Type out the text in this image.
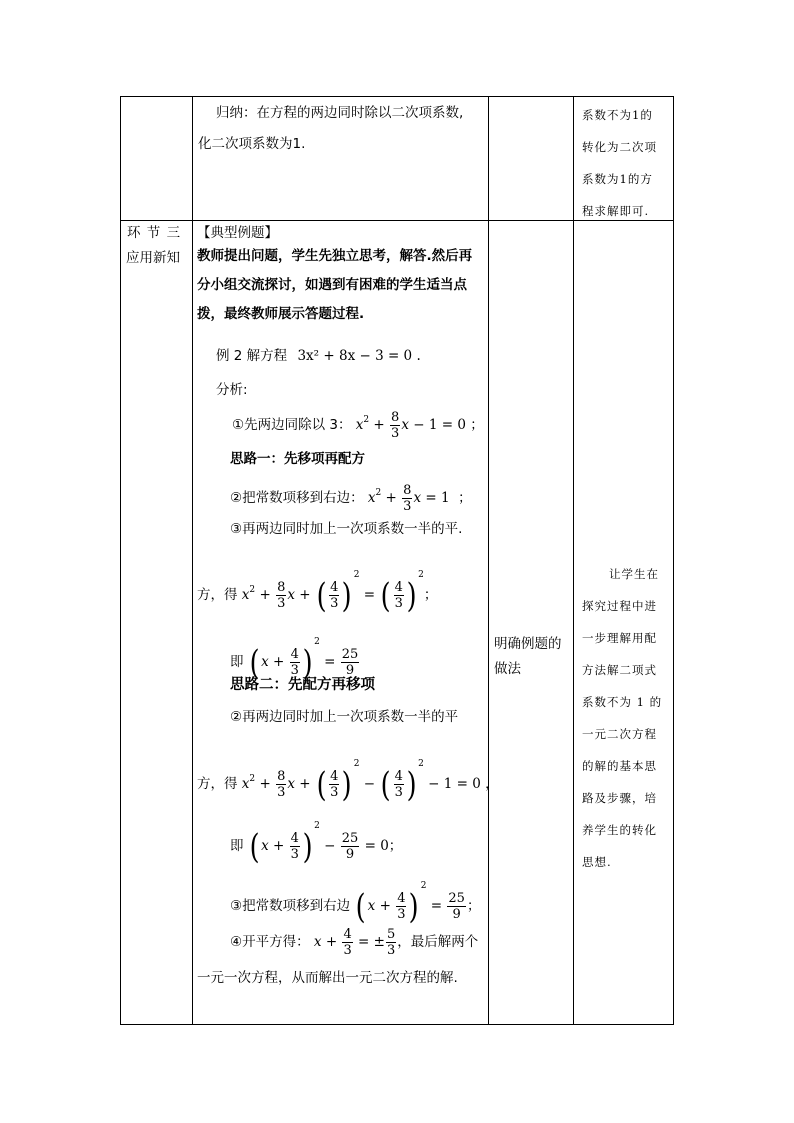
归纳：在方程的两边同时除以二次项系数,
化二次项系数为1.
系数不为1的
转化为二次项
系数为1的方
程求解即可.
环 节 三
应用新知
【典型例题】
教师提出问题，学生先独立思考，解答.然后再
分小组交流探讨，如遇到有困难的学生适当点
拨，最终教师展示答题过程.
例 2 解方程 3x² + 8x − 3 = 0 .
分析:
①先两边同除以 3： $x^2 + \frac{8}{3}$ x − 1 = 0 ；
思路一：先移项再配方
②把常数项移到右边： $x^2 + \frac{8}{3}$ x = 1  ；
③再两边同时加上一次项系数一半的平.
方，得 $x^2 + \frac{8}{3}$ x + ( $\frac{4}{3} )^2$ = ( $\frac{4}{3} )^2$；
即 ( $x + \frac{4}{3} )^2 = \frac{25}{9}$
思路二：先配方再移项
②再两边同时加上一次项系数一半的平
方，得 $x^2 + \frac{8}{3}$ x + ( $\frac{4}{3} )^2$ − ( $\frac{4}{3} )^2 - 1 = 0$ ，
即 ( $x + \frac{4}{3} )^2 - \frac{25}{9} = 0$；
③把常数项移到右边 ( $x + \frac{4}{3} )^2 = \frac{25}{9}$ ；
④开平方得： $x + \frac{4}{3}$ = ± $\frac{5}{3}$ ，最后解两个
一元一次方程，从而解出一元二次方程的解.
明确例题的
做法
让学生在
探究过程中进
一步理解用配
方法解二项式
系数不为 1 的
一元二次方程
的解的基本思
路及步骤，培
养学生的转化
思想.
